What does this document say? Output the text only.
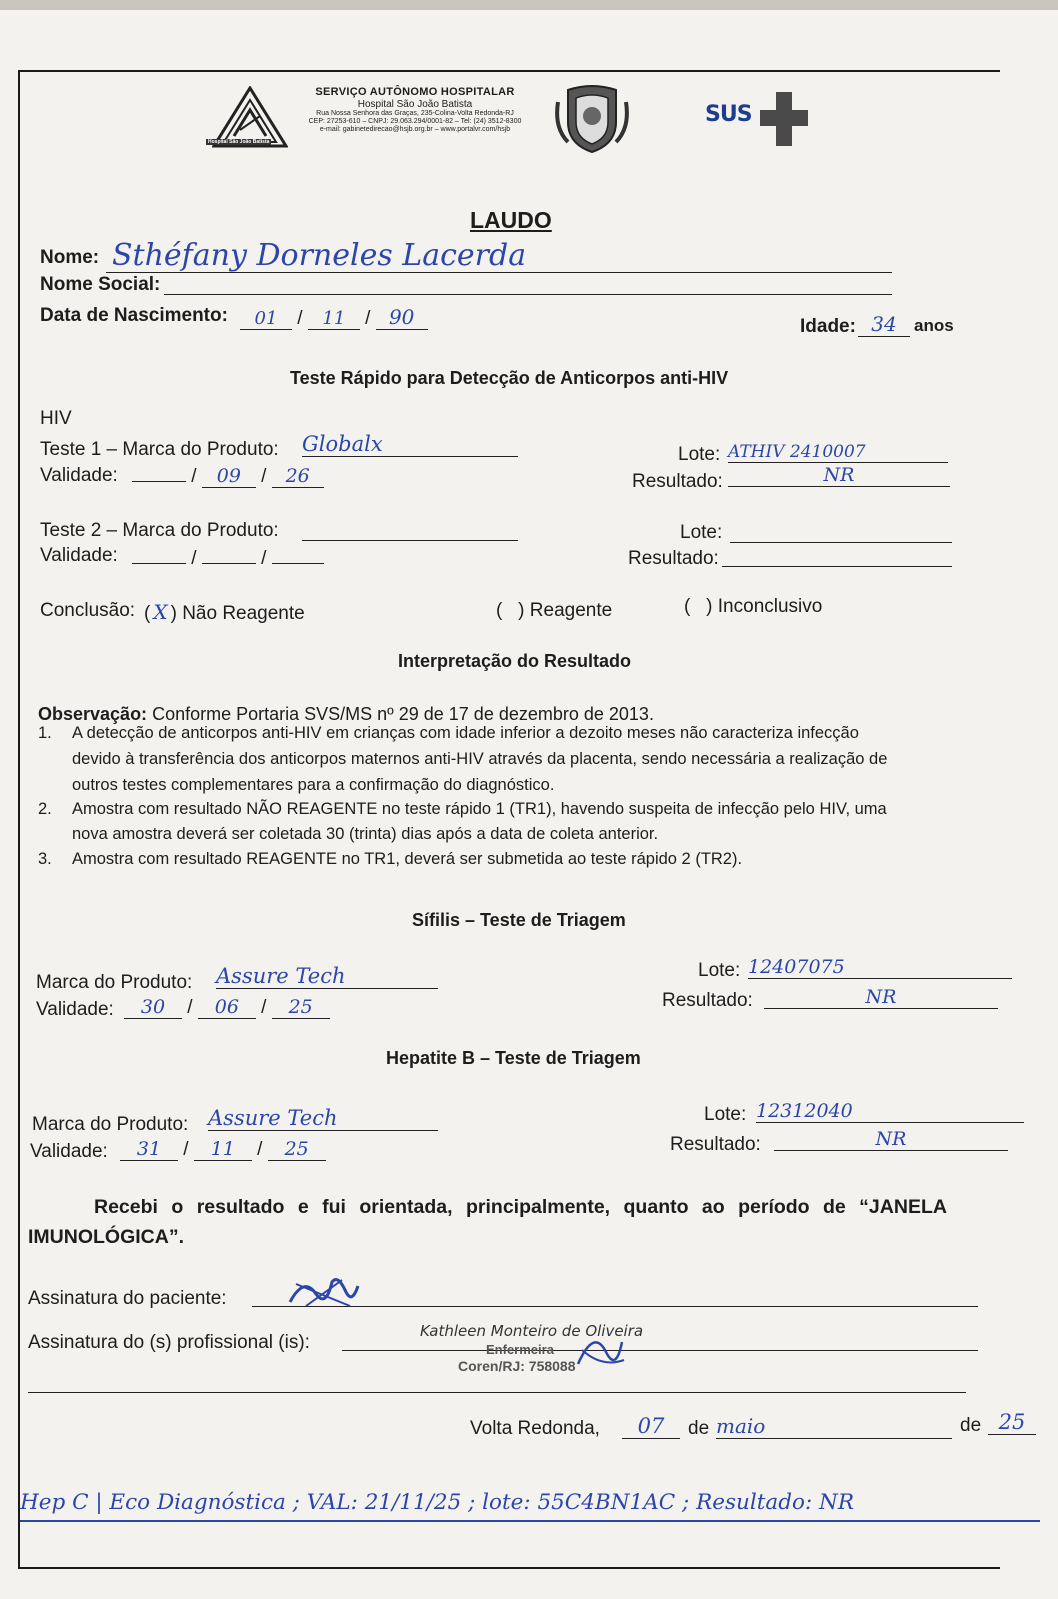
Hospital São João Batista
SERVIÇO AUTÔNOMO HOSPITALAR
Hospital São João Batista
Rua Nossa Senhora das Graças, 235-Colina-Volta Redonda-RJ
CEP: 27253-610 – CNPJ: 29.063.294/0001-82 – Tel: (24) 3512-8300
e-mail: gabinetedirecao@hsjb.org.br – www.portalvr.com/hsjb
SUS
LAUDO
Nome: Sthéfany Dorneles Lacerda
Nome Social:
Data de Nascimento:	01 / 11 / 90	Idade: 34	anos
Teste Rápido para Detecção de Anticorpos anti-HIV
HIV
Teste 1 – Marca do Produto: Globalx	Lote: ATHIV 2410007
Validade:	/ 09 / 26	Resultado:	NR
Teste 2 – Marca do Produto:	Lote:
Validade:	/	/	Resultado:
Conclusão: ( X ) Não Reagente	(   ) Reagente	(   ) Inconclusivo
Interpretação do Resultado
Observação: Conforme Portaria SVS/MS nº 29 de 17 de dezembro de 2013.
1. A detecção de anticorpos anti-HIV em crianças com idade inferior a dezoito meses não caracteriza infecção
devido à transferência dos anticorpos maternos anti-HIV através da placenta, sendo necessária a realização de
outros testes complementares para a confirmação do diagnóstico.
2. Amostra com resultado NÃO REAGENTE no teste rápido 1 (TR1), havendo suspeita de infecção pelo HIV, uma
nova amostra deverá ser coletada 30 (trinta) dias após a data de coleta anterior.
3. Amostra com resultado REAGENTE no TR1, deverá ser submetida ao teste rápido 2 (TR2).
Sífilis – Teste de Triagem
Marca do Produto: Assure Tech	Lote: 12407075
Validade:	30 / 06 / 25	Resultado:	NR
Hepatite B – Teste de Triagem
Marca do Produto: Assure Tech	Lote: 12312040
Validade:	31 / 11 / 25	Resultado:	NR
Recebi o resultado e fui orientada, principalmente, quanto ao período de “JANELA
IMUNOLÓGICA”.
Assinatura do paciente:
Assinatura do (s) profissional (is):
Kathleen Monteiro de Oliveira
Enfermeira
Coren/RJ: 758088
Volta Redonda,	07	de maio	de 25
Hep C | Eco Diagnóstica ; VAL: 21/11/25 ; lote: 55C4BN1AC ; Resultado: NR
